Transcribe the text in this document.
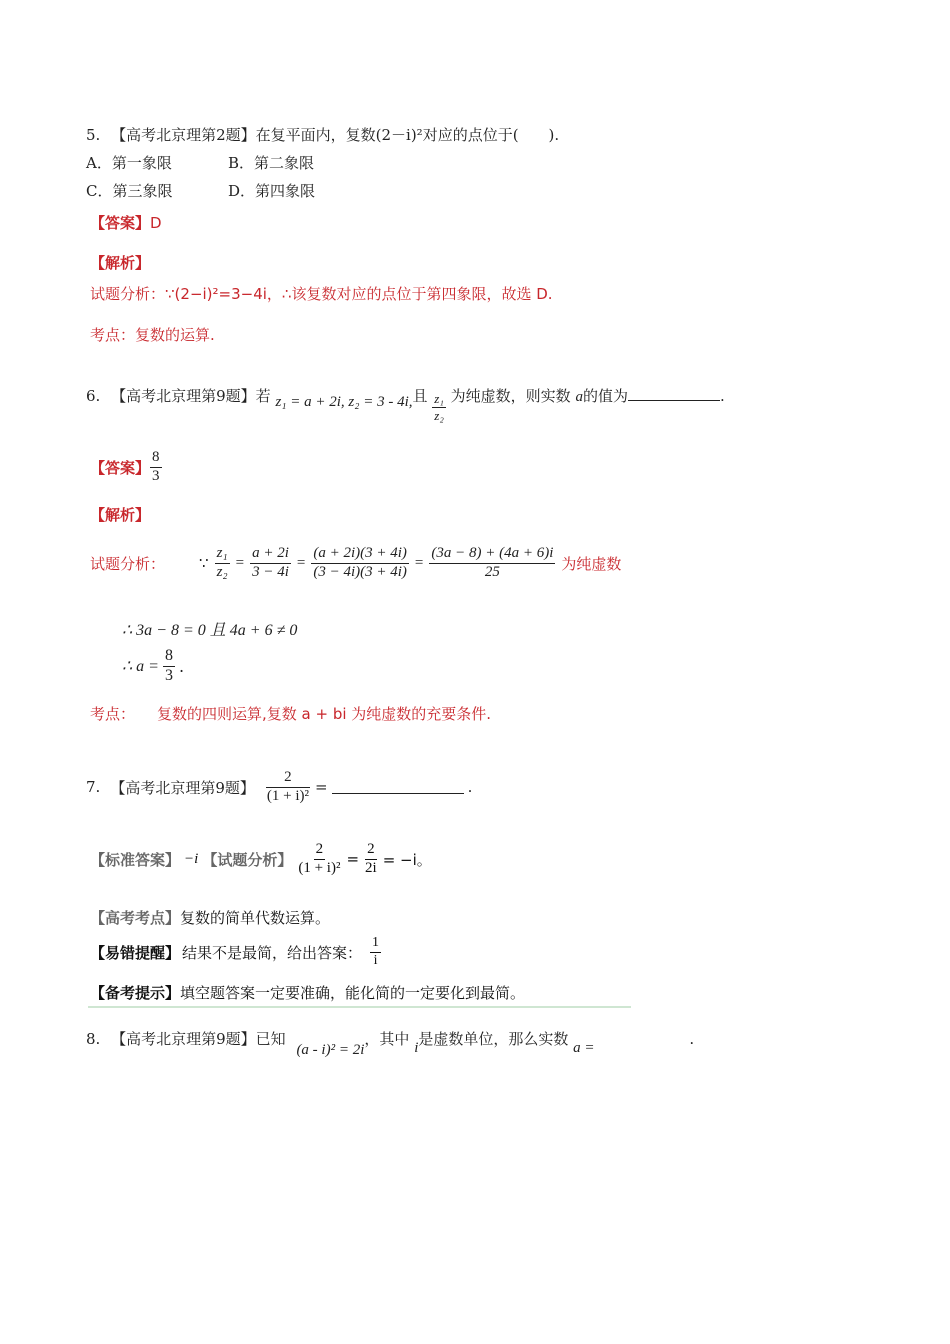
5. 【高考北京理第2题】在复平面内，复数(2－i)²对应的点位于(　　).
A．第一象限	B．第二象限
C．第三象限	D．第四象限
【答案】D
【解析】
试题分析：∵(2−i)²=3−4i，∴该复数对应的点位于第四象限，故选 D.
考点：复数的运算.
6. 【高考北京理第9题】若 z₁ = a + 2i, z₂ = 3 - 4i,且 $\frac{\text{z₁}}{\text{z₂}}$ 为纯虚数，则实数 a的值为	.
【答案】 $\frac{8}{3}$
【解析】
试题分析： ∵ $\frac{\text{z₁}}{\text{z₂}} = \frac{a + 2i}{3 - 4i} = \frac{(a + 2i)(3 + 4i)}{(3 - 4i)(3 + 4i)} = \frac{(3a - 8) + (4a + 6)i}{25}$ 为纯虚数
∴ 3a − 8 = 0 且 4a + 6 ≠ 0
∴ $a = \frac{8}{3}$ .
考点： 复数的四则运算,复数 a + bi 为纯虚数的充要条件.
7. 【高考北京理第9题】 $\frac{2}{\text{(1 + i)²}}$ =	.
【标准答案】 −i 【试题分析】 $\frac{2}{\text{(1 + i)²}} = \frac{2}{2i} = -i$。
【高考考点】复数的简单代数运算。
【易错提醒】 结果不是最简，给出答案： $\frac{1}{i}$
【备考提示】填空题答案一定要准确，能化简的一定要化到最简。
8. 【高考北京理第9题】已知 (a - i)² = 2i，其中 i是虚数单位，那么实数 a =	.
